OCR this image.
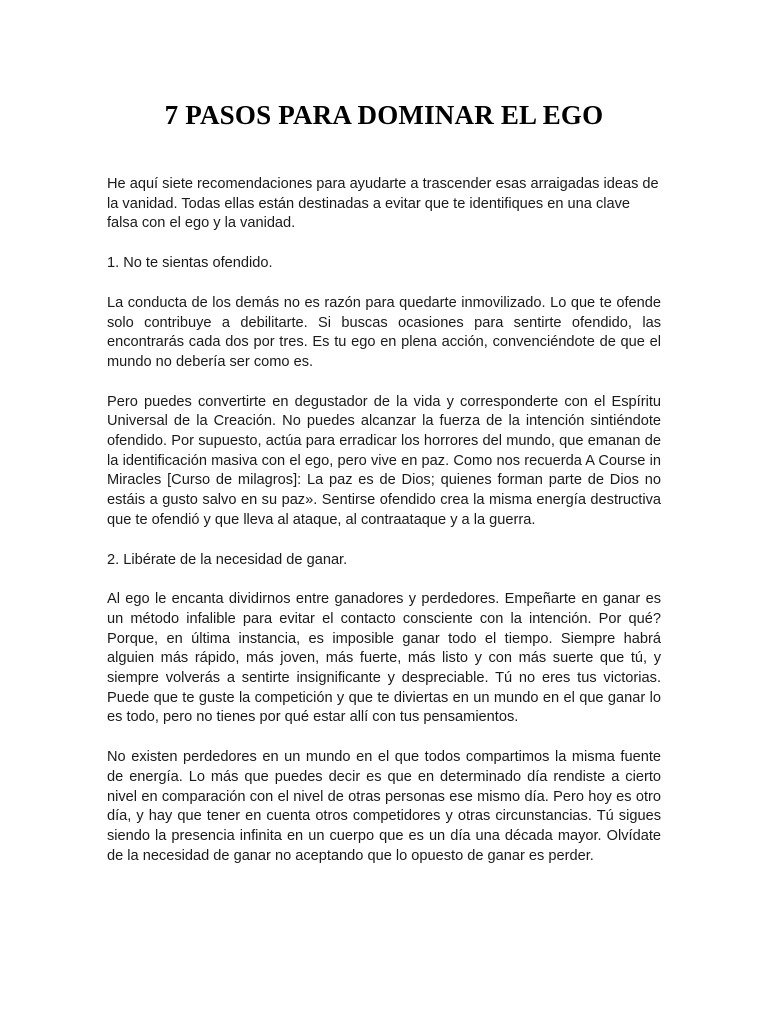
7 PASOS PARA DOMINAR EL EGO

He aquí siete recomendaciones para ayudarte a trascender esas arraigadas ideas de la vanidad. Todas ellas están destinadas a evitar que te identifiques en una clave falsa con el ego y la vanidad.

1. No te sientas ofendido.

La conducta de los demás no es razón para quedarte inmovilizado. Lo que te ofende solo contribuye a debilitarte. Si buscas ocasiones para sentirte ofendido, las encontrarás cada dos por tres. Es tu ego en plena acción, convenciéndote de que el mundo no debería ser como es.

Pero puedes convertirte en degustador de la vida y corresponderte con el Espíritu Universal de la Creación. No puedes alcanzar la fuerza de la intención sintiéndote ofendido. Por supuesto, actúa para erradicar los horrores del mundo, que emanan de la identificación masiva con el ego, pero vive en paz. Como nos recuerda A Course in Miracles [Curso de milagros]: La paz es de Dios; quienes forman parte de Dios no estáis a gusto salvo en su paz». Sentirse ofendido crea la misma energía destructiva que te ofendió y que lleva al ataque, al contraataque y a la guerra.

2. Libérate de la necesidad de ganar.

Al ego le encanta dividirnos entre ganadores y perdedores. Empeñarte en ganar es un método infalible para evitar el contacto consciente con la intención. Por qué? Porque, en última instancia, es imposible ganar todo el tiempo. Siempre habrá alguien más rápido, más joven, más fuerte, más listo y con más suerte que tú, y siempre volverás a sentirte insignificante y despreciable. Tú no eres tus victorias. Puede que te guste la competición y que te diviertas en un mundo en el que ganar lo es todo, pero no tienes por qué estar allí con tus pensamientos.

No existen perdedores en un mundo en el que todos compartimos la misma fuente de energía. Lo más que puedes decir es que en determinado día rendiste a cierto nivel en comparación con el nivel de otras personas ese mismo día. Pero hoy es otro día, y hay que tener en cuenta otros competidores y otras circunstancias. Tú sigues siendo la presencia infinita en un cuerpo que es un día una década mayor. Olvídate de la necesidad de ganar no aceptando que lo opuesto de ganar es perder.
